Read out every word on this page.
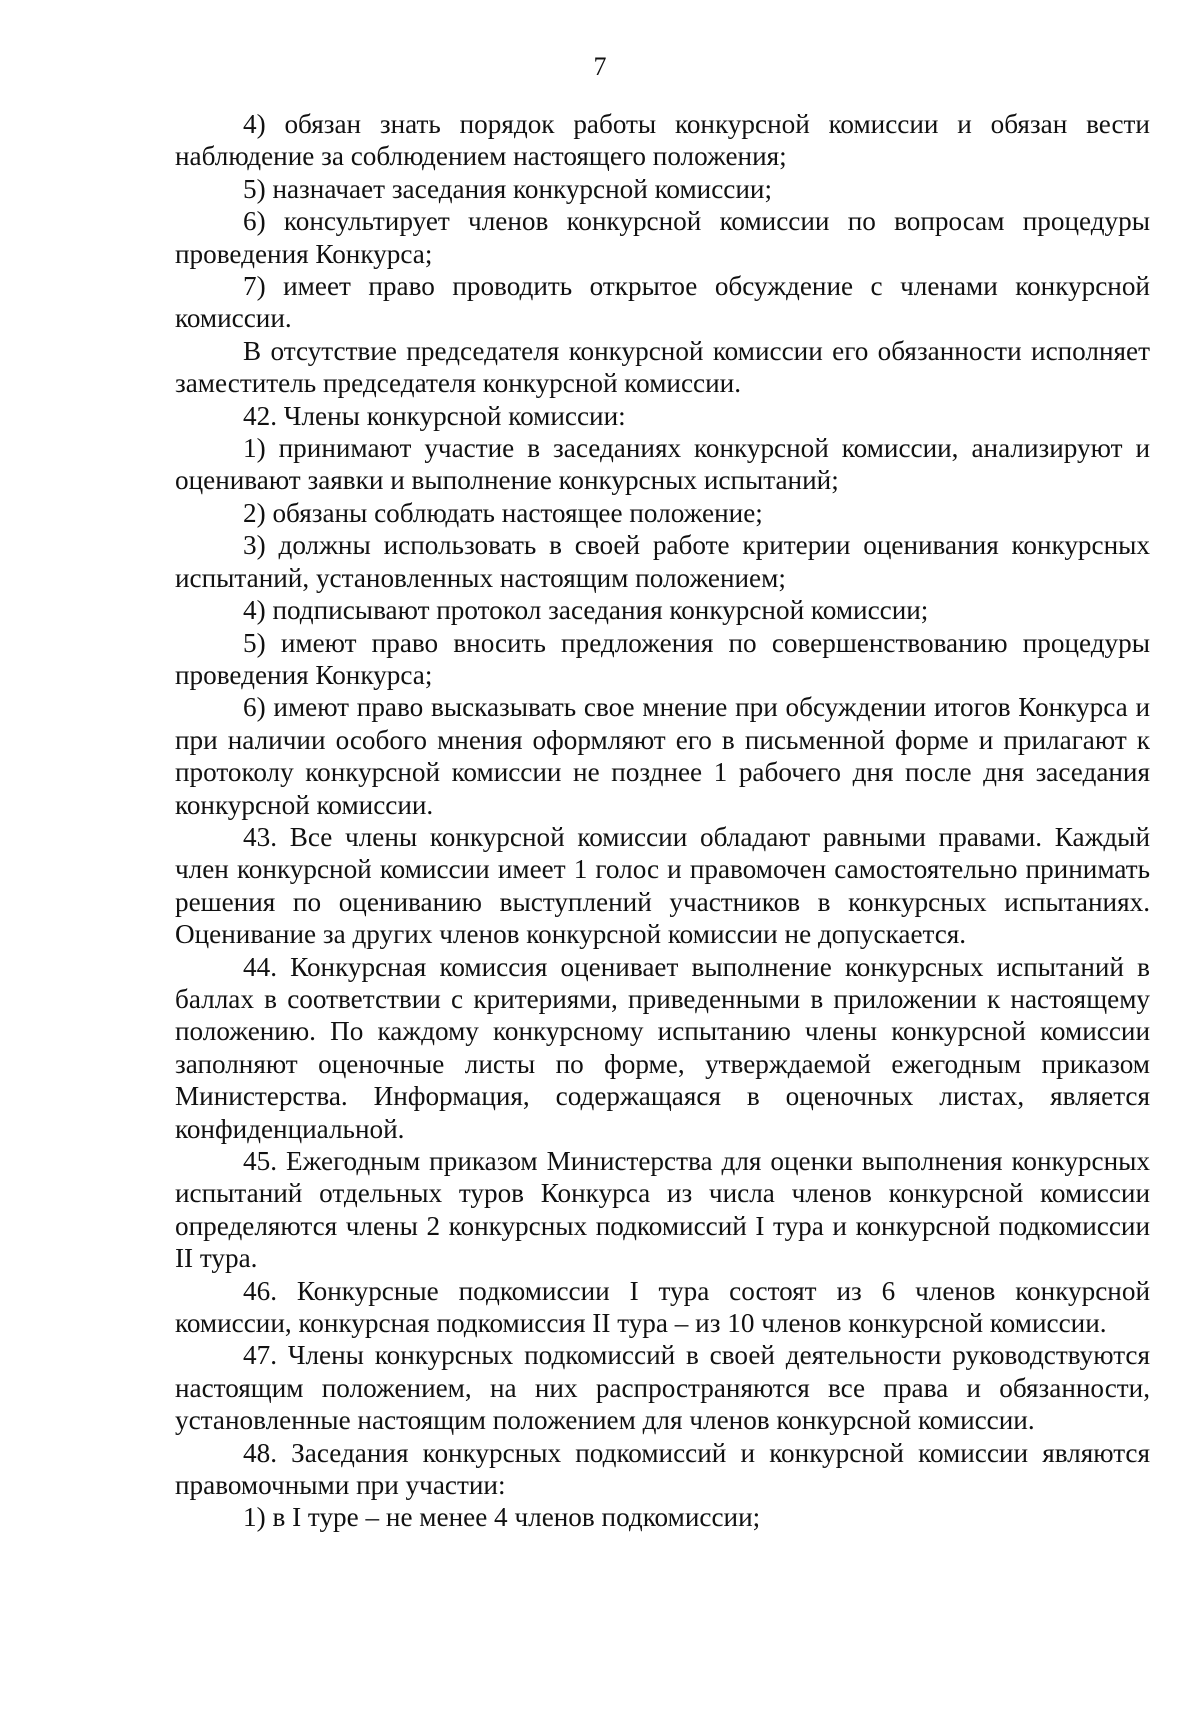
7

4) обязан знать порядок работы конкурсной комиссии и обязан вести наблюдение за соблюдением настоящего положения;

5) назначает заседания конкурсной комиссии;

6) консультирует членов конкурсной комиссии по вопросам процедуры проведения Конкурса;

7) имеет право проводить открытое обсуждение с членами конкурсной комиссии.

В отсутствие председателя конкурсной комиссии его обязанности исполняет заместитель председателя конкурсной комиссии.

42. Члены конкурсной комиссии:

1) принимают участие в заседаниях конкурсной комиссии, анализируют и оценивают заявки и выполнение конкурсных испытаний;

2) обязаны соблюдать настоящее положение;

3) должны использовать в своей работе критерии оценивания конкурсных испытаний, установленных настоящим положением;

4) подписывают протокол заседания конкурсной комиссии;

5) имеют право вносить предложения по совершенствованию процедуры проведения Конкурса;

6) имеют право высказывать свое мнение при обсуждении итогов Конкурса и при наличии особого мнения оформляют его в письменной форме и прилагают к протоколу конкурсной комиссии не позднее 1 рабочего дня после дня заседания конкурсной комиссии.

43. Все члены конкурсной комиссии обладают равными правами. Каждый член конкурсной комиссии имеет 1 голос и правомочен самостоятельно принимать решения по оцениванию выступлений участников в конкурсных испытаниях. Оценивание за других членов конкурсной комиссии не допускается.

44. Конкурсная комиссия оценивает выполнение конкурсных испытаний в баллах в соответствии с критериями, приведенными в приложении к настоящему положению. По каждому конкурсному испытанию члены конкурсной комиссии заполняют оценочные листы по форме, утверждаемой ежегодным приказом Министерства. Информация, содержащаяся в оценочных листах, является конфиденциальной.

45. Ежегодным приказом Министерства для оценки выполнения конкурсных испытаний отдельных туров Конкурса из числа членов конкурсной комиссии определяются члены 2 конкурсных подкомиссий I тура и конкурсной подкомиссии II тура.

46. Конкурсные подкомиссии I тура состоят из 6 членов конкурсной комиссии, конкурсная подкомиссия II тура – из 10 членов конкурсной комиссии.

47. Члены конкурсных подкомиссий в своей деятельности руководствуются настоящим положением, на них распространяются все права и обязанности, установленные настоящим положением для членов конкурсной комиссии.

48. Заседания конкурсных подкомиссий и конкурсной комиссии являются правомочными при участии:

1) в I туре – не менее 4 членов подкомиссии;
